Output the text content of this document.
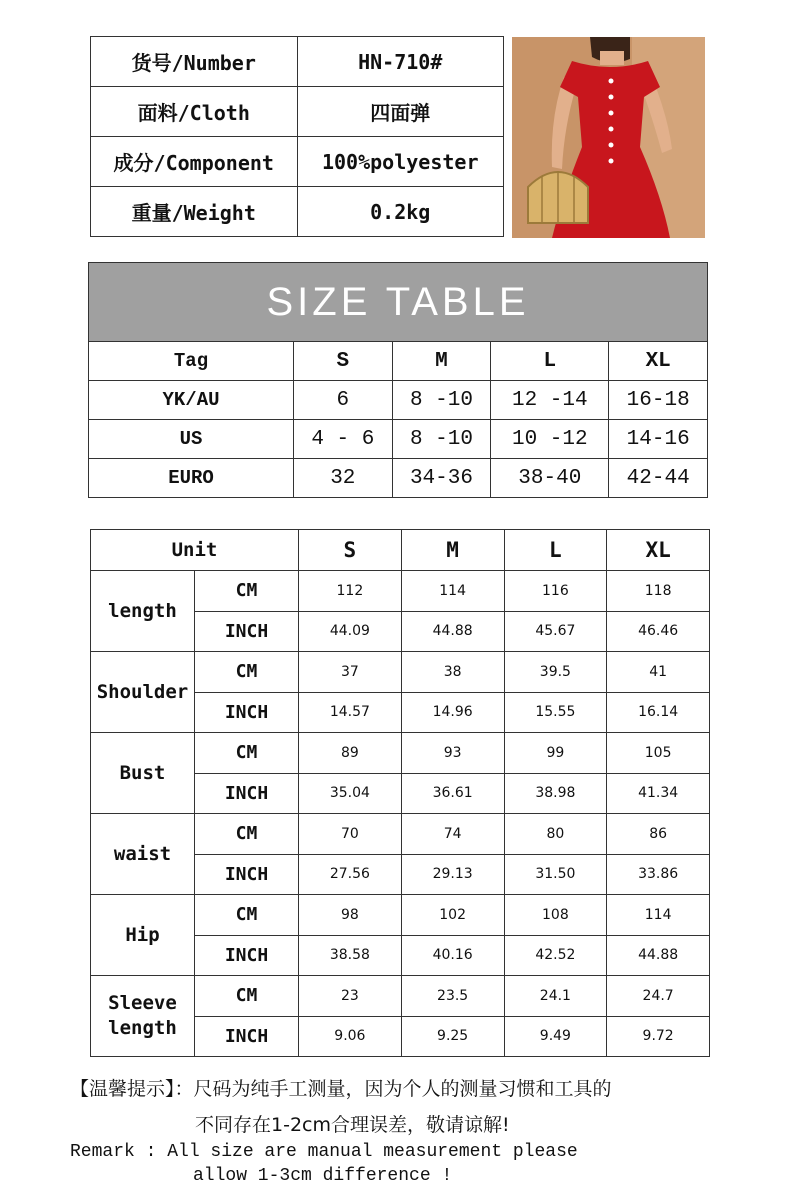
货号/Number	HN-710#
面料/Cloth	四面弹
成分/Component	100%polyester
重量/Weight	0.2kg
SIZE TABLE				
Tag	S	M	L	XL
YK/AU	6	8 -10	12 -14	16-18
US	4 - 6	8 -10	10 -12	14-16
EURO	32	34-36	38-40	42-44
Unit		S	M	L	XL
length	CM	112	114	116	118
	INCH	44.09	44.88	45.67	46.46
Shoulder	CM	37	38	39.5	41
	INCH	14.57	14.96	15.55	16.14
Bust	CM	89	93	99	105
	INCH	35.04	36.61	38.98	41.34
waist	CM	70	74	80	86
	INCH	27.56	29.13	31.50	33.86
Hip	CM	98	102	108	114
	INCH	38.58	40.16	42.52	44.88
Sleeve
length	CM	23	23.5	24.1	24.7
	INCH	9.06	9.25	9.49	9.72
【温馨提示】：尺码为纯手工测量，因为个人的测量习惯和工具的
不同存在1-2cm合理误差，敬请谅解!
Remark : All size are manual measurement please
allow 1-3cm difference !
